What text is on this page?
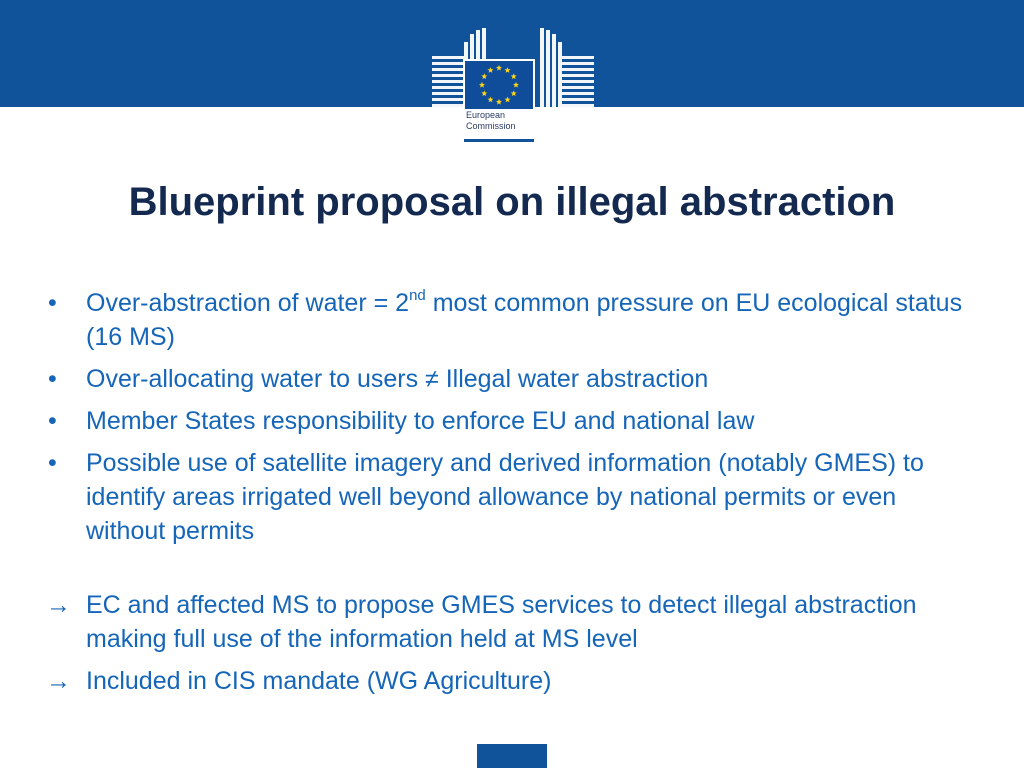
European
Commission
Blueprint proposal on illegal abstraction
• Over-abstraction of water = 2nd most common pressure on EU ecological status (16 MS)
• Over-allocating water to users ≠ Illegal water abstraction
• Member States responsibility to enforce EU and national law
• Possible use of satellite imagery and derived information (notably GMES) to identify areas irrigated well beyond allowance by national permits or even without permits
→ EC and affected MS to propose GMES services to detect illegal abstraction making full use of the information held at MS level
→ Included in CIS mandate (WG Agriculture)
